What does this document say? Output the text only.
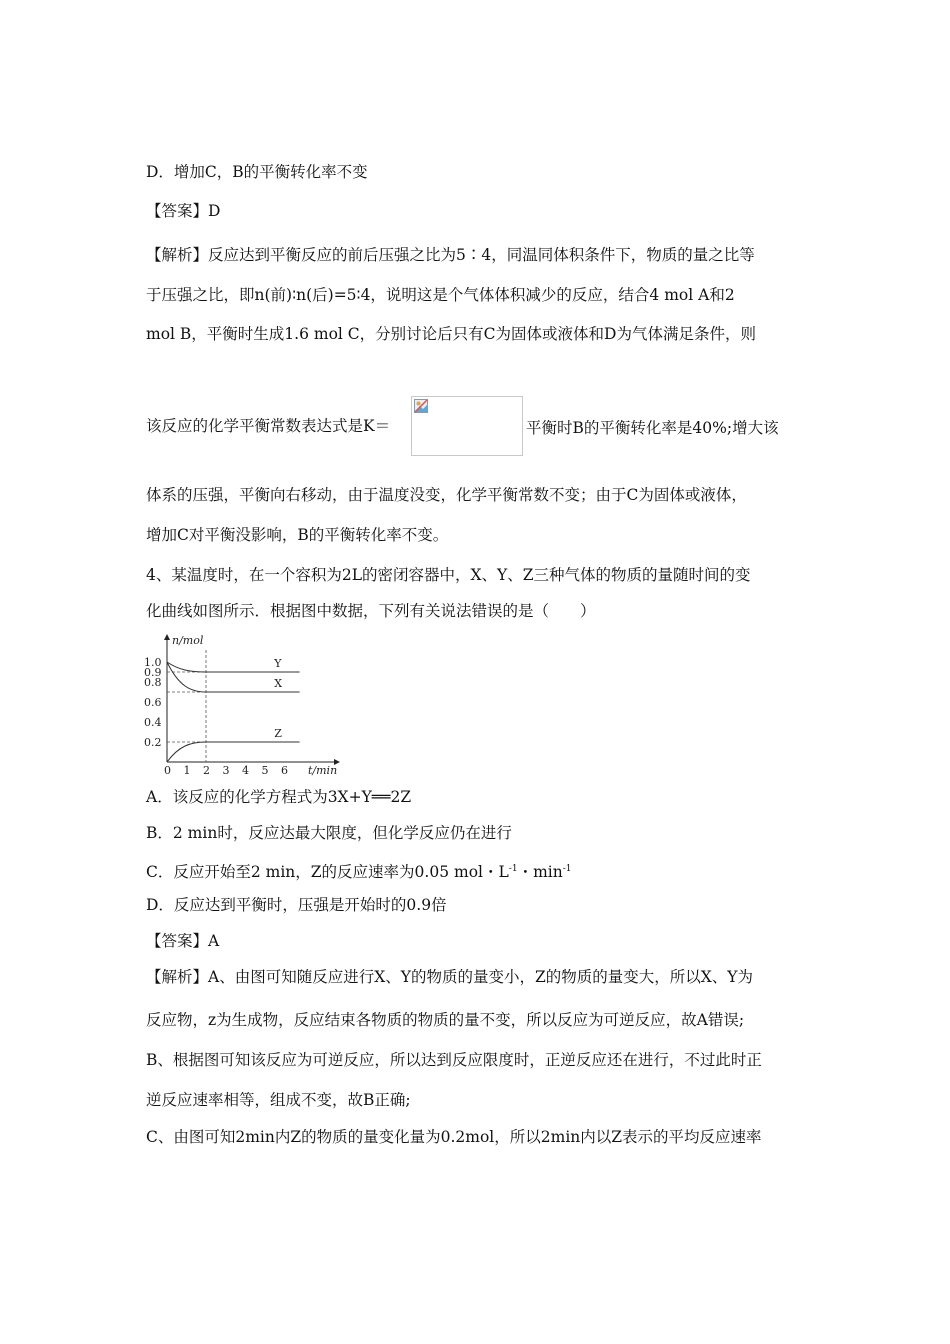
D．增加C，B的平衡转化率不变
【答案】D
【解析】反应达到平衡反应的前后压强之比为5∶4，同温同体积条件下，物质的量之比等
于压强之比，即n(前)∶n(后)=5∶4，说明这是个气体体积减少的反应，结合4 mol A和2
mol B，平衡时生成1.6 mol C，分别讨论后只有C为固体或液体和D为气体满足条件，则
该反应的化学平衡常数表达式是K＝	平衡时B的平衡转化率是40%;增大该
体系的压强，平衡向右移动，由于温度没变，化学平衡常数不变；由于C为固体或液体，
增加C对平衡没影响，B的平衡转化率不变。
4、某温度时，在一个容积为2L的密闭容器中，X、Y、Z三种气体的物质的量随时间的变
化曲线如图所示．根据图中数据，下列有关说法错误的是（　　）
n/mol
t/min
1.0
0.9
0.8
0.6
0.4
0.2
0 1 2 3 4 5 6
Y
X
Z
A．该反应的化学方程式为3X+Y══2Z
B．2 min时，反应达最大限度，但化学反应仍在进行
C．反应开始至2 min，Z的反应速率为0.05 mol・$L^{-1}$・$\min^{-1}$
D．反应达到平衡时，压强是开始时的0.9倍
【答案】A
【解析】A、由图可知随反应进行X、Y的物质的量变小，Z的物质的量变大，所以X、Y为
反应物，z为生成物，反应结束各物质的物质的量不变，所以反应为可逆反应，故A错误;
B、根据图可知该反应为可逆反应，所以达到反应限度时，正逆反应还在进行，不过此时正
逆反应速率相等，组成不变，故B正确;
C、由图可知2min内Z的物质的量变化量为0.2mol，所以2min内以Z表示的平均反应速率
